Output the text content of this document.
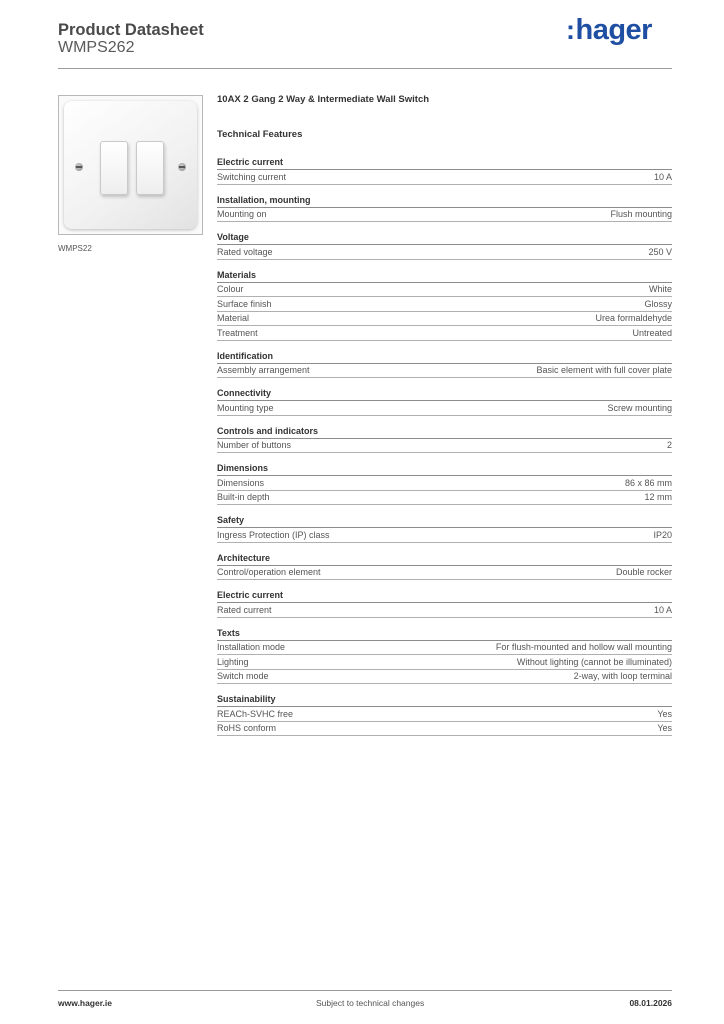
Product Datasheet
WMPS262
:hager
WMPS22
10AX 2 Gang 2 Way & Intermediate Wall Switch
Technical Features
Electric current
Switching current	10 A
Installation, mounting
Mounting on	Flush mounting
Voltage
Rated voltage	250 V
Materials
Colour	White
Surface finish	Glossy
Material	Urea formaldehyde
Treatment	Untreated
Identification
Assembly arrangement	Basic element with full cover plate
Connectivity
Mounting type	Screw mounting
Controls and indicators
Number of buttons	2
Dimensions
Dimensions	86 x 86 mm
Built-in depth	12 mm
Safety
Ingress Protection (IP) class	IP20
Architecture
Control/operation element	Double rocker
Electric current
Rated current	10 A
Texts
Installation mode	For flush-mounted and hollow wall mounting
Lighting	Without lighting (cannot be illuminated)
Switch mode	2-way, with loop terminal
Sustainability
REACh-SVHC free	Yes
RoHS conform	Yes
www.hager.ie	Subject to technical changes	08.01.2026
